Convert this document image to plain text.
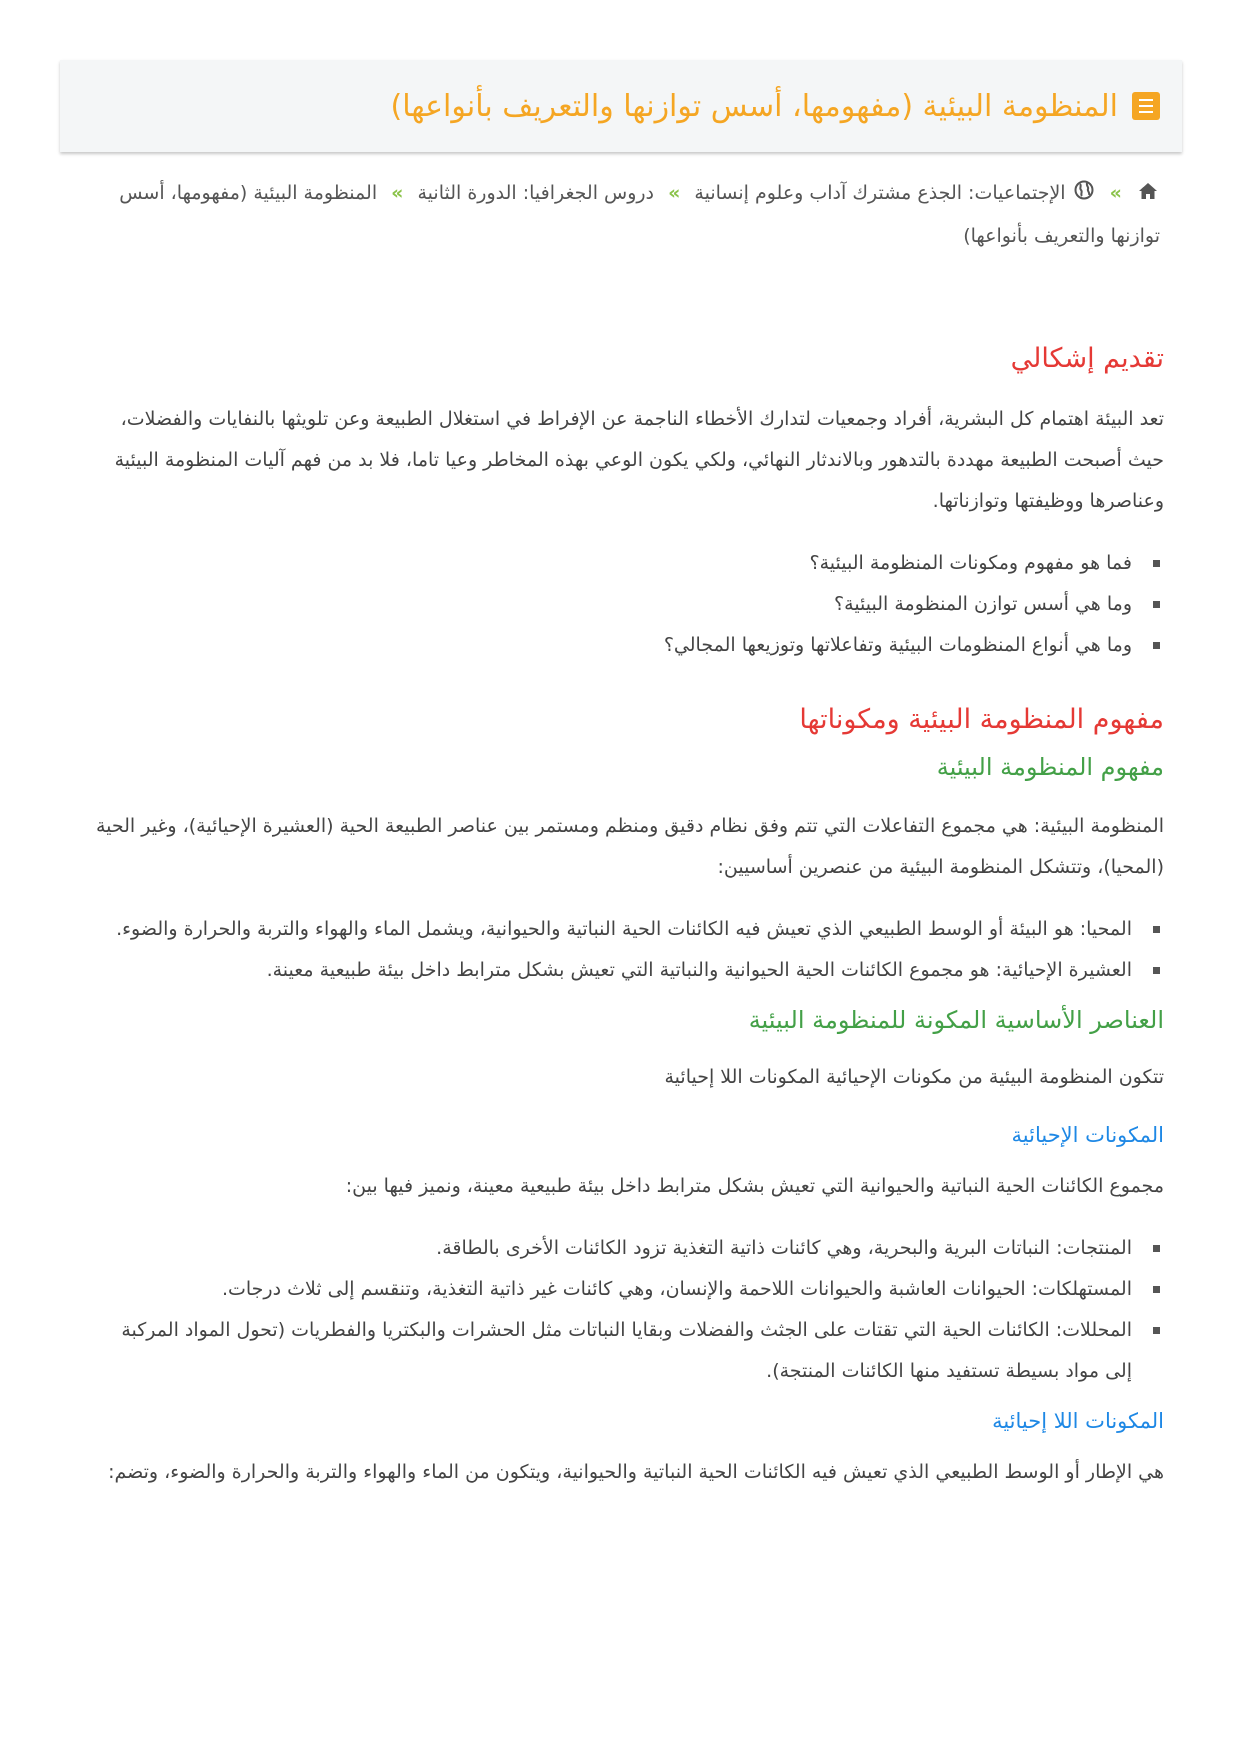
المنظومة البيئية (مفهومها، أسس توازنها والتعريف بأنواعها)
»  الإجتماعيات: الجذع مشترك آداب وعلوم إنسانية » دروس الجغرافيا: الدورة الثانية » المنظومة البيئية (مفهومها، أسس توازنها والتعريف بأنواعها)
تقديم إشكالي

تعد البيئة اهتمام كل البشرية، أفراد وجمعيات لتدارك الأخطاء الناجمة عن الإفراط في استغلال الطبيعة وعن تلويثها بالنفايات والفضلات، حيث أصبحت الطبيعة مهددة بالتدهور وبالاندثار النهائي، ولكي يكون الوعي بهذه المخاطر وعيا تاما، فلا بد من فهم آليات المنظومة البيئية وعناصرها ووظيفتها وتوازناتها.

فما هو مفهوم ومكونات المنظومة البيئية؟
وما هي أسس توازن المنظومة البيئية؟
وما هي أنواع المنظومات البيئية وتفاعلاتها وتوزيعها المجالي؟
مفهوم المنظومة البيئية ومكوناتها
مفهوم المنظومة البيئية

المنظومة البيئية: هي مجموع التفاعلات التي تتم وفق نظام دقيق ومنظم ومستمر بين عناصر الطبيعة الحية (العشيرة الإحيائية)، وغير الحية (المحيا)، وتتشكل المنظومة البيئية من عنصرين أساسيين:

المحيا: هو البيئة أو الوسط الطبيعي الذي تعيش فيه الكائنات الحية النباتية والحيوانية، ويشمل الماء والهواء والتربة والحرارة والضوء.
العشيرة الإحيائية: هو مجموع الكائنات الحية الحيوانية والنباتية التي تعيش بشكل مترابط داخل بيئة طبيعية معينة.
العناصر الأساسية المكونة للمنظومة البيئية

تتكون المنظومة البيئية من مكونات الإحيائية المكونات اللا إحيائية

المكونات الإحيائية

مجموع الكائنات الحية النباتية والحيوانية التي تعيش بشكل مترابط داخل بيئة طبيعية معينة، ونميز فيها بين:

المنتجات: النباتات البرية والبحرية، وهي كائنات ذاتية التغذية تزود الكائنات الأخرى بالطاقة.
المستهلكات: الحيوانات العاشبة والحيوانات اللاحمة والإنسان، وهي كائنات غير ذاتية التغذية، وتنقسم إلى ثلاث درجات.
المحللات: الكائنات الحية التي تقتات على الجثث والفضلات وبقايا النباتات مثل الحشرات والبكتريا والفطريات (تحول المواد المركبة إلى مواد بسيطة تستفيد منها الكائنات المنتجة).
المكونات اللا إحيائية

هي الإطار أو الوسط الطبيعي الذي تعيش فيه الكائنات الحية النباتية والحيوانية، ويتكون من الماء والهواء والتربة والحرارة والضوء، وتضم:
